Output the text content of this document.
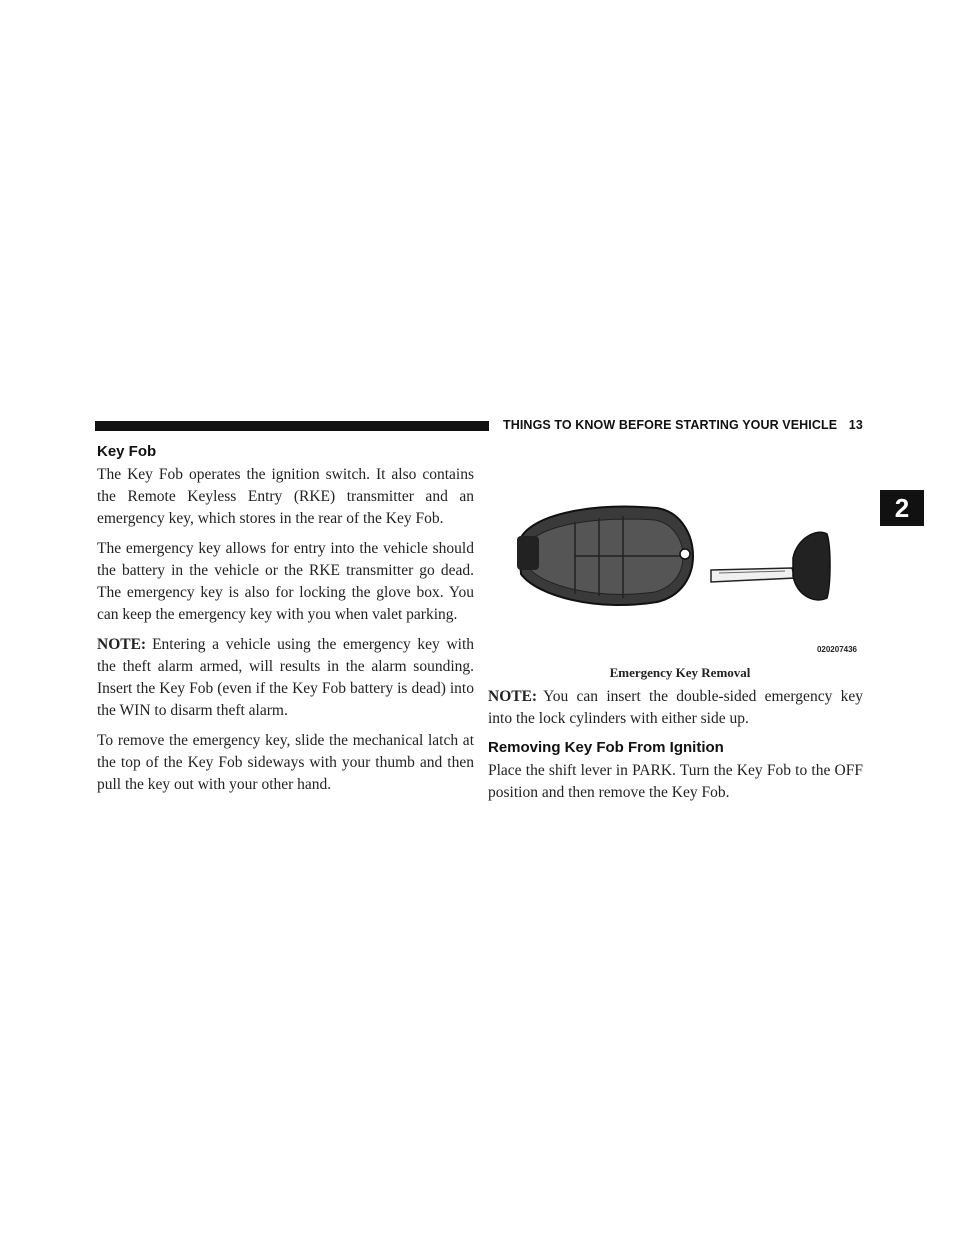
THINGS TO KNOW BEFORE STARTING YOUR VEHICLE 13
2
Key Fob

The Key Fob operates the ignition switch. It also contains the Remote Keyless Entry (RKE) transmitter and an emergency key, which stores in the rear of the Key Fob.

The emergency key allows for entry into the vehicle should the battery in the vehicle or the RKE transmitter go dead. The emergency key is also for locking the glove box. You can keep the emergency key with you when valet parking.

NOTE: Entering a vehicle using the emergency key with the theft alarm armed, will results in the alarm sounding. Insert the Key Fob (even if the Key Fob battery is dead) into the WIN to disarm theft alarm.

To remove the emergency key, slide the mechanical latch at the top of the Key Fob sideways with your thumb and then pull the key out with your other hand.

020207436
Emergency Key Removal

NOTE: You can insert the double-sided emergency key into the lock cylinders with either side up.

Removing Key Fob From Ignition

Place the shift lever in PARK. Turn the Key Fob to the OFF position and then remove the Key Fob.
